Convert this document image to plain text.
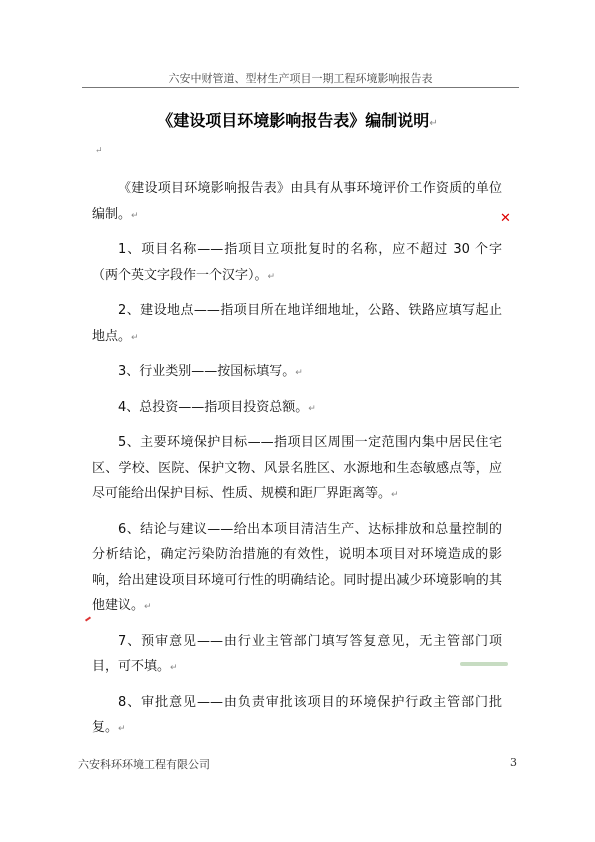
六安中财管道、型材生产项目一期工程环境影响报告表
《建设项目环境影响报告表》编制说明↵
↵
✕

《建设项目环境影响报告表》由具有从事环境评价工作资质的单位编制。↵

1、项目名称——指项目立项批复时的名称，应不超过 30 个字（两个英文字段作一个汉字）。↵

2、建设地点——指项目所在地详细地址，公路、铁路应填写起止地点。↵

3、行业类别——按国标填写。↵

4、总投资——指项目投资总额。↵

5、主要环境保护目标——指项目区周围一定范围内集中居民住宅区、学校、医院、保护文物、风景名胜区、水源地和生态敏感点等，应尽可能给出保护目标、性质、规模和距厂界距离等。↵

6、结论与建议——给出本项目清洁生产、达标排放和总量控制的分析结论，确定污染防治措施的有效性，说明本项目对环境造成的影响，给出建设项目环境可行性的明确结论。同时提出减少环境影响的其他建议。↵

7、预审意见——由行业主管部门填写答复意见，无主管部门项目，可不填。↵

8、审批意见——由负责审批该项目的环境保护行政主管部门批复。↵

六安科环环境工程有限公司	3
